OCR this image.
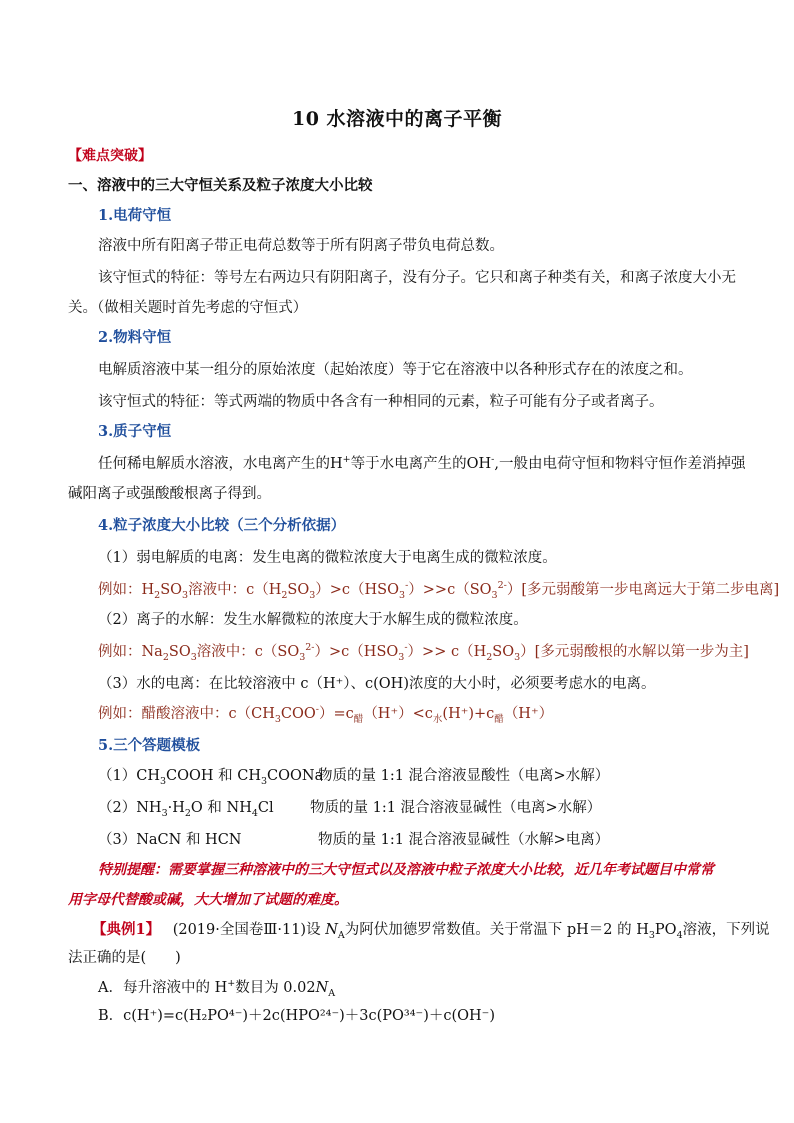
10 水溶液中的离子平衡
【难点突破】
一、溶液中的三大守恒关系及粒子浓度大小比较
1.电荷守恒
溶液中所有阳离子带正电荷总数等于所有阴离子带负电荷总数。
该守恒式的特征：等号左右两边只有阴阳离子，没有分子。它只和离子种类有关，和离子浓度大小无
关。（做相关题时首先考虑的守恒式）
2.物料守恒
电解质溶液中某一组分的原始浓度（起始浓度）等于它在溶液中以各种形式存在的浓度之和。
该守恒式的特征：等式两端的物质中各含有一种相同的元素，粒子可能有分子或者离子。
3.质子守恒
任何稀电解质水溶液，水电离产生的H+等于水电离产生的OH-,一般由电荷守恒和物料守恒作差消掉强
碱阳离子或强酸酸根离子得到。
4.粒子浓度大小比较（三个分析依据）
（1）弱电解质的电离：发生电离的微粒浓度大于电离生成的微粒浓度。
例如：$H_2SO_3$溶液中：$c(H_2SO_3)>c(HSO_3^-)>>c(SO_3^{2-})$[多元弱酸第一步电离远大于第二步电离]
（2）离子的水解：发生水解微粒的浓度大于水解生成的微粒浓度。
例如：$Na_2SO_3$溶液中：$c(SO_3^{2-})>c(HSO_3^-)>> c(H_2SO_3)$[多元弱酸根的水解以第一步为主]
（3）水的电离：在比较溶液中 c（H⁺）、c(OH)浓度的大小时，必须要考虑水的电离。
例如：醋酸溶液中：$c(CH_3COO^-)=c_醋(H^+)<c_水(H^+)+c_醋(H^+)$
5.三个答题模板
$(1)CH_3COOH$ 和 $CH_3COONa$
物质的量 1:1 混合溶液显酸性（电离>水解）
$(2)NH_3\cdot H_2O$ 和 $NH_4Cl$	物质的量 1:1 混合溶液显碱性（电离>水解）
（3）NaCN 和 HCN	物质的量 1:1 混合溶液显碱性（水解>电离）
特别提醒：需要掌握三种溶液中的三大守恒式以及溶液中粒子浓度大小比较，近几年考试题目中常常
用字母代替酸或碱，大大增加了试题的难度。
【典例1】 (2019·全国卷Ⅲ·11)设 $N_A$为阿伏加德罗常数值。关于常温下 pH＝2 的 $H_3PO_4$溶液，下列说
法正确的是(　　)
A．每升溶液中的 H+数目为 $0.02N_A$
B．c(H⁺)=c(H₂PO⁴⁻)＋2c(HPO²⁴⁻)＋3c(PO³⁴⁻)＋c(OH⁻)
